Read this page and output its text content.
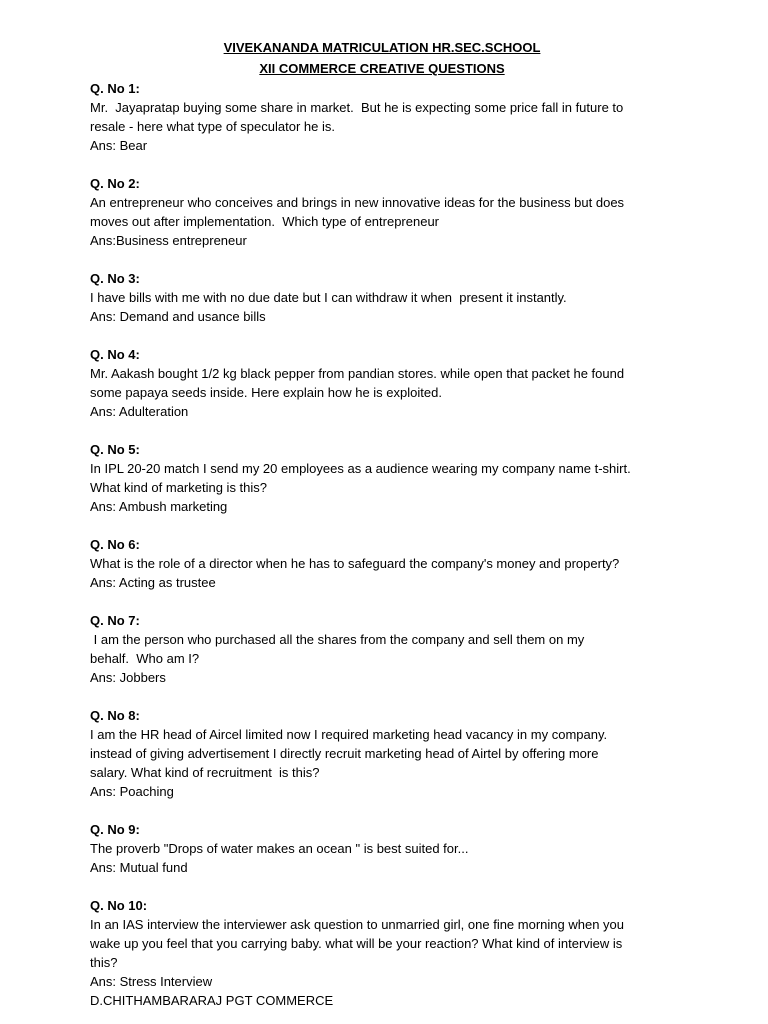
VIVEKANANDA MATRICULATION HR.SEC.SCHOOL
XII COMMERCE CREATIVE QUESTIONS
Q. No 1:
Mr.  Jayapratap buying some share in market.  But he is expecting some price fall in future to
resale - here what type of speculator he is.
Ans: Bear
Q. No 2:
An entrepreneur who conceives and brings in new innovative ideas for the business but does
moves out after implementation.  Which type of entrepreneur
Ans:Business entrepreneur
Q. No 3:
I have bills with me with no due date but I can withdraw it when  present it instantly.
Ans: Demand and usance bills
Q. No 4:
Mr. Aakash bought 1/2 kg black pepper from pandian stores. while open that packet he found
some papaya seeds inside. Here explain how he is exploited.
Ans: Adulteration
Q. No 5:
In IPL 20-20 match I send my 20 employees as a audience wearing my company name t-shirt.
What kind of marketing is this?
Ans: Ambush marketing
Q. No 6:
What is the role of a director when he has to safeguard the company's money and property?
Ans: Acting as trustee
Q. No 7:
I am the person who purchased all the shares from the company and sell them on my
behalf.  Who am I?
Ans: Jobbers
Q. No 8:
I am the HR head of Aircel limited now I required marketing head vacancy in my company.
instead of giving advertisement I directly recruit marketing head of Airtel by offering more
salary. What kind of recruitment  is this?
Ans: Poaching
Q. No 9:
The proverb "Drops of water makes an ocean " is best suited for...
Ans: Mutual fund
Q. No 10:
In an IAS interview the interviewer ask question to unmarried girl, one fine morning when you
wake up you feel that you carrying baby. what will be your reaction? What kind of interview is
this?
Ans: Stress Interview
D.CHITHAMBARARAJ PGT COMMERCE
